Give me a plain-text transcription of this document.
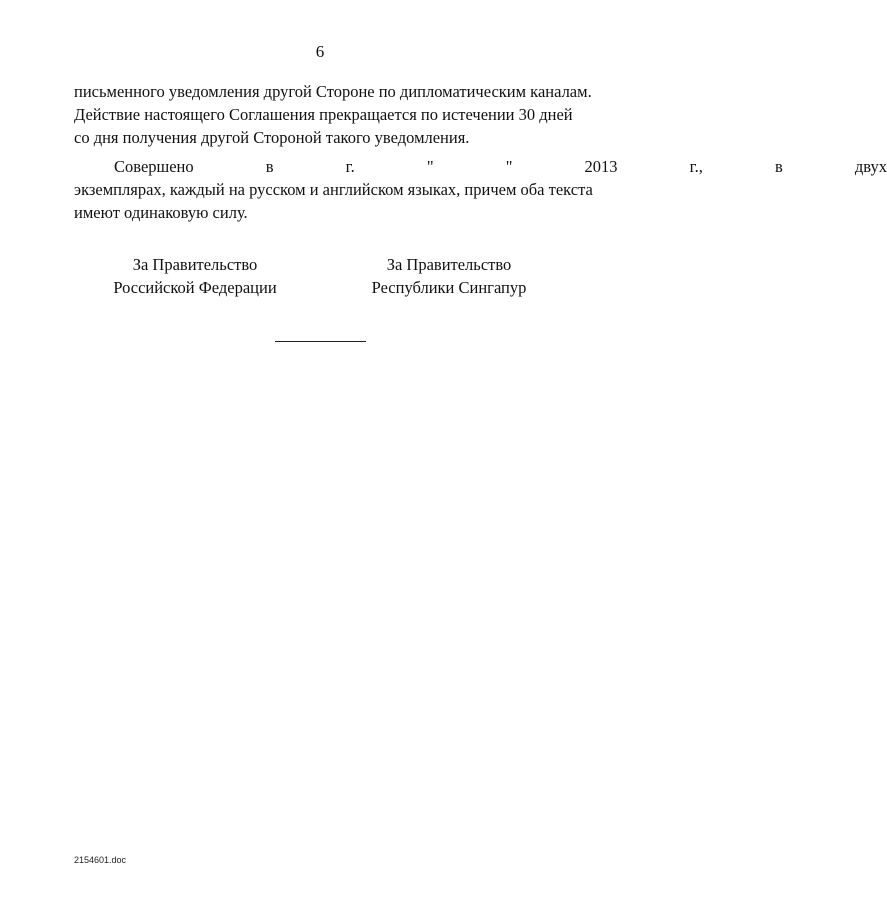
6
письменного уведомления другой Стороне по дипломатическим каналам.
Действие настоящего Соглашения прекращается по истечении 30 дней
со дня получения другой Стороной такого уведомления.
Совершено в г. " " 2013 г., в двух
экземплярах, каждый на русском и английском языках, причем оба текста
имеют одинаковую силу.
За Правительство
Российской Федерации
За Правительство
Республики Сингапур
2154601.doc
